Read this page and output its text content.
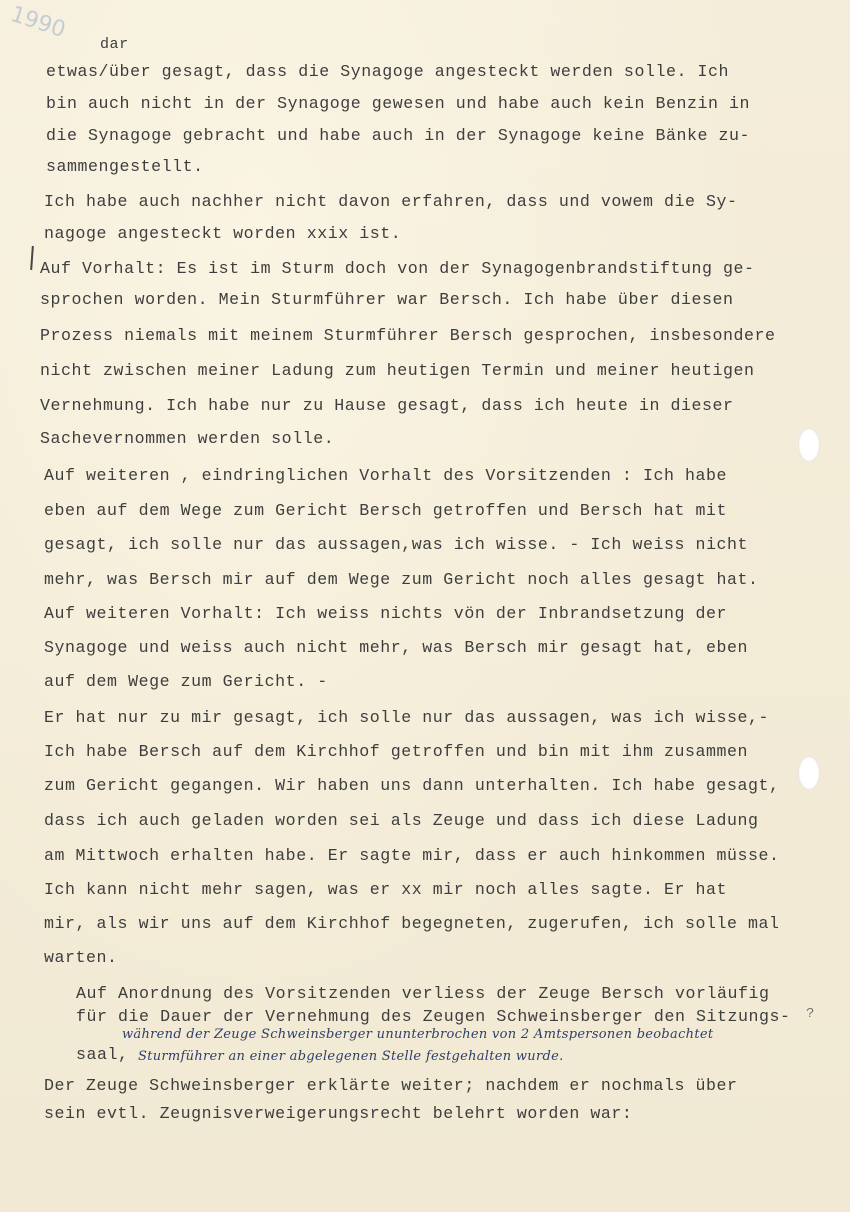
1990
dar
etwas/über gesagt, dass die Synagoge angesteckt werden solle. Ich
bin auch nicht in der Synagoge gewesen und habe auch kein Benzin in
die Synagoge gebracht und habe auch in der Synagoge keine Bänke zu-
sammengestellt.
Ich habe auch nachher nicht davon erfahren, dass und vowem die Sy-
nagoge angesteckt worden xxix ist.
Auf Vorhalt: Es ist im Sturm doch von der Synagogenbrandstiftung ge-
sprochen worden. Mein Sturmführer war Bersch. Ich habe über diesen
Prozess niemals mit meinem Sturmführer Bersch gesprochen, insbesondere
nicht zwischen meiner Ladung zum heutigen Termin und meiner heutigen
Vernehmung. Ich habe nur zu Hause gesagt, dass ich heute in dieser
Sachevernommen werden solle.
Auf weiteren , eindringlichen Vorhalt des Vorsitzenden : Ich habe
eben auf dem Wege zum Gericht Bersch getroffen und Bersch hat mit
gesagt, ich solle nur das aussagen,was ich wisse. - Ich weiss nicht
mehr, was Bersch mir auf dem Wege zum Gericht noch alles gesagt hat.
Auf weiteren Vorhalt: Ich weiss nichts vön der Inbrandsetzung der
Synagoge und weiss auch nicht mehr, was Bersch mir gesagt hat, eben
auf dem Wege zum Gericht. -
Er hat nur zu mir gesagt, ich solle nur das aussagen, was ich wisse,-
Ich habe Bersch auf dem Kirchhof getroffen und bin mit ihm zusammen
zum Gericht gegangen. Wir haben uns dann unterhalten. Ich habe gesagt,
dass ich auch geladen worden sei als Zeuge und dass ich diese Ladung
am Mittwoch erhalten habe. Er sagte mir, dass er auch hinkommen müsse.
Ich kann nicht mehr sagen, was er xx mir noch alles sagte. Er hat
mir, als wir uns auf dem Kirchhof begegneten, zugerufen, ich solle mal
warten.
Auf Anordnung des Vorsitzenden verliess der Zeuge Bersch vorläufig
für die Dauer der Vernehmung des Zeugen Schweinsberger den Sitzungs-
saal,
während der Zeuge Schweinsberger ununterbrochen von 2 Amtspersonen beobachtet
Sturmführer an einer abgelegenen Stelle festgehalten wurde.
?
Der Zeuge Schweinsberger erklärte weiter; nachdem er nochmals über
sein evtl. Zeugnisverweigerungsrecht belehrt worden war:
